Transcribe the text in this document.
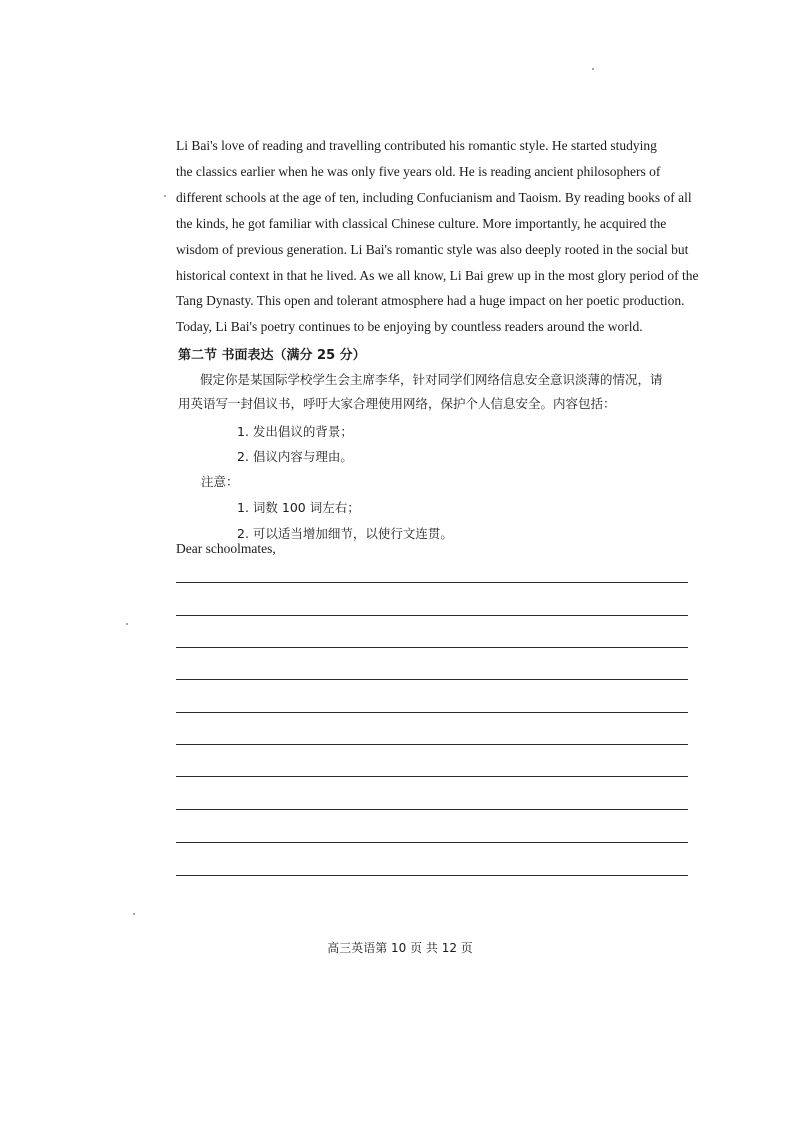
Li Bai's love of reading and travelling contributed his romantic style. He started studying
the classics earlier when he was only five years old. He is reading ancient philosophers of
different schools at the age of ten, including Confucianism and Taoism. By reading books of all
the kinds, he got familiar with classical Chinese culture. More importantly, he acquired the
wisdom of previous generation. Li Bai's romantic style was also deeply rooted in the social but
historical context in that he lived. As we all know, Li Bai grew up in the most glory period of the
Tang Dynasty. This open and tolerant atmosphere had a huge impact on her poetic production.
Today, Li Bai's poetry continues to be enjoying by countless readers around the world.
第二节 书面表达（满分 25 分）
假定你是某国际学校学生会主席李华，针对同学们网络信息安全意识淡薄的情况，请
用英语写一封倡议书，呼吁大家合理使用网络，保护个人信息安全。内容包括：
1. 发出倡议的背景；
2. 倡议内容与理由。
注意：
1. 词数 100 词左右；
2. 可以适当增加细节，以使行文连贯。
Dear schoolmates,
高三英语第 10 页 共 12 页
